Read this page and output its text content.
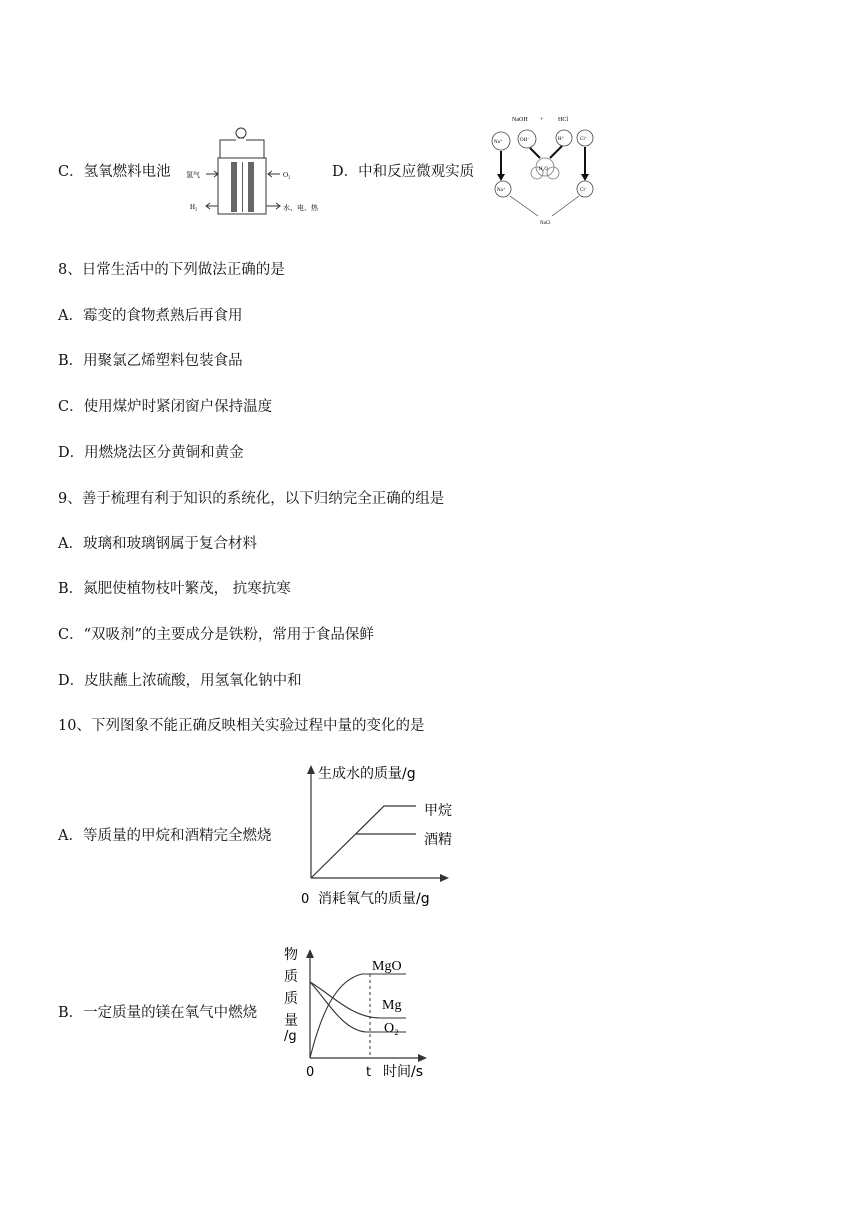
C．氢氧燃料电池 氢气	O₂
H₂	水、电、热
D．中和反应微观实质
NaOH + HCl
Na⁺	OH⁻	H⁺	Cl⁻
H₂O
Na⁺	Cl⁻
NaCl
8、日常生活中的下列做法正确的是
A．霉变的食物煮熟后再食用
B．用聚氯乙烯塑料包装食品
C．使用煤炉时紧闭窗户保持温度
D．用燃烧法区分黄铜和黄金
9、善于梳理有利于知识的系统化，以下归纳完全正确的组是
A．玻璃和玻璃钢属于复合材料
B．氮肥使植物枝叶繁茂， 抗寒抗寒
C．“双吸剂”的主要成分是铁粉，常用于食品保鲜
D．皮肤蘸上浓硫酸，用氢氧化钠中和
10、下列图象不能正确反映相关实验过程中量的变化的是
A．等质量的甲烷和酒精完全燃烧
生成水的质量/g
甲烷
酒精
0 消耗氧气的质量/g
B．一定质量的镁在氧气中燃烧
物
质
质
量
/g
MgO
Mg
O₂
0	t 时间/s
